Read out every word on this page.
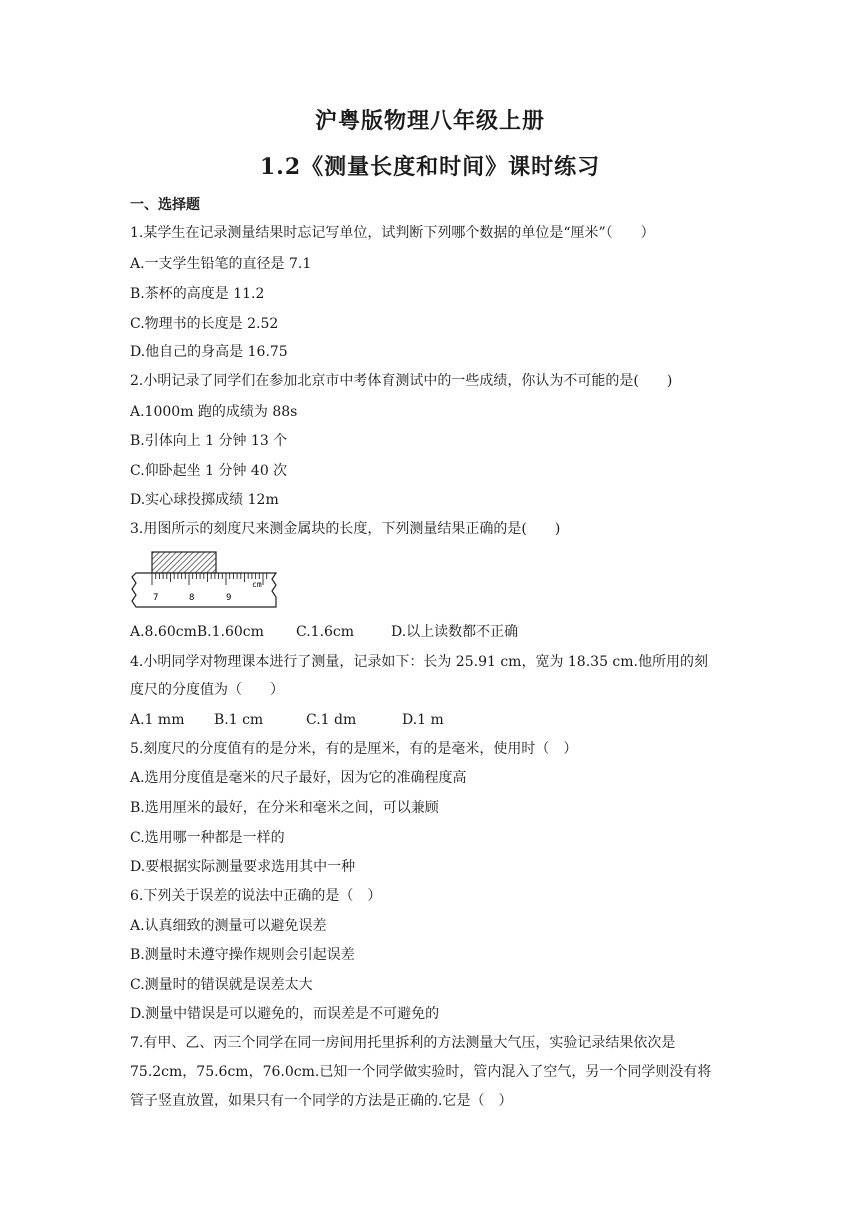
沪粤版物理八年级上册
1.2《测量长度和时间》课时练习
一、选择题
1.某学生在记录测量结果时忘记写单位，试判断下列哪个数据的单位是“厘米”（　　）
A.一支学生铅笔的直径是 7.1
B.茶杯的高度是 11.2
C.物理书的长度是 2.52
D.他自己的身高是 16.75
2.小明记录了同学们在参加北京市中考体育测试中的一些成绩，你认为不可能的是(　　)
A.1000m 跑的成绩为 88s
B.引体向上 1 分钟 13 个
C.仰卧起坐 1 分钟 40 次
D.实心球投掷成绩 12m
3.用图所示的刻度尺来测金属块的长度，下列测量结果正确的是(　　)
7	8	9
cm
A.8.60cmB.1.60cm C.1.6cm	D.以上读数都不正确
4.小明同学对物理课本进行了测量，记录如下：长为 25.91 cm，宽为 18.35 cm.他所用的刻
度尺的分度值为（　　）
A.1 mm B.1 cm	C.1 dm	D.1 m
5.刻度尺的分度值有的是分米，有的是厘米，有的是毫米，使用时（　）
A.选用分度值是毫米的尺子最好，因为它的准确程度高
B.选用厘米的最好，在分米和毫米之间，可以兼顾
C.选用哪一种都是一样的
D.要根据实际测量要求选用其中一种
6.下列关于误差的说法中正确的是（　）
A.认真细致的测量可以避免误差
B.测量时未遵守操作规则会引起误差
C.测量时的错误就是误差太大
D.测量中错误是可以避免的，而误差是不可避免的
7.有甲、乙、丙三个同学在同一房间用托里拆利的方法测量大气压，实验记录结果依次是
75.2cm，75.6cm，76.0cm.已知一个同学做实验时，管内混入了空气，另一个同学则没有将
管子竖直放置，如果只有一个同学的方法是正确的.它是（　）
